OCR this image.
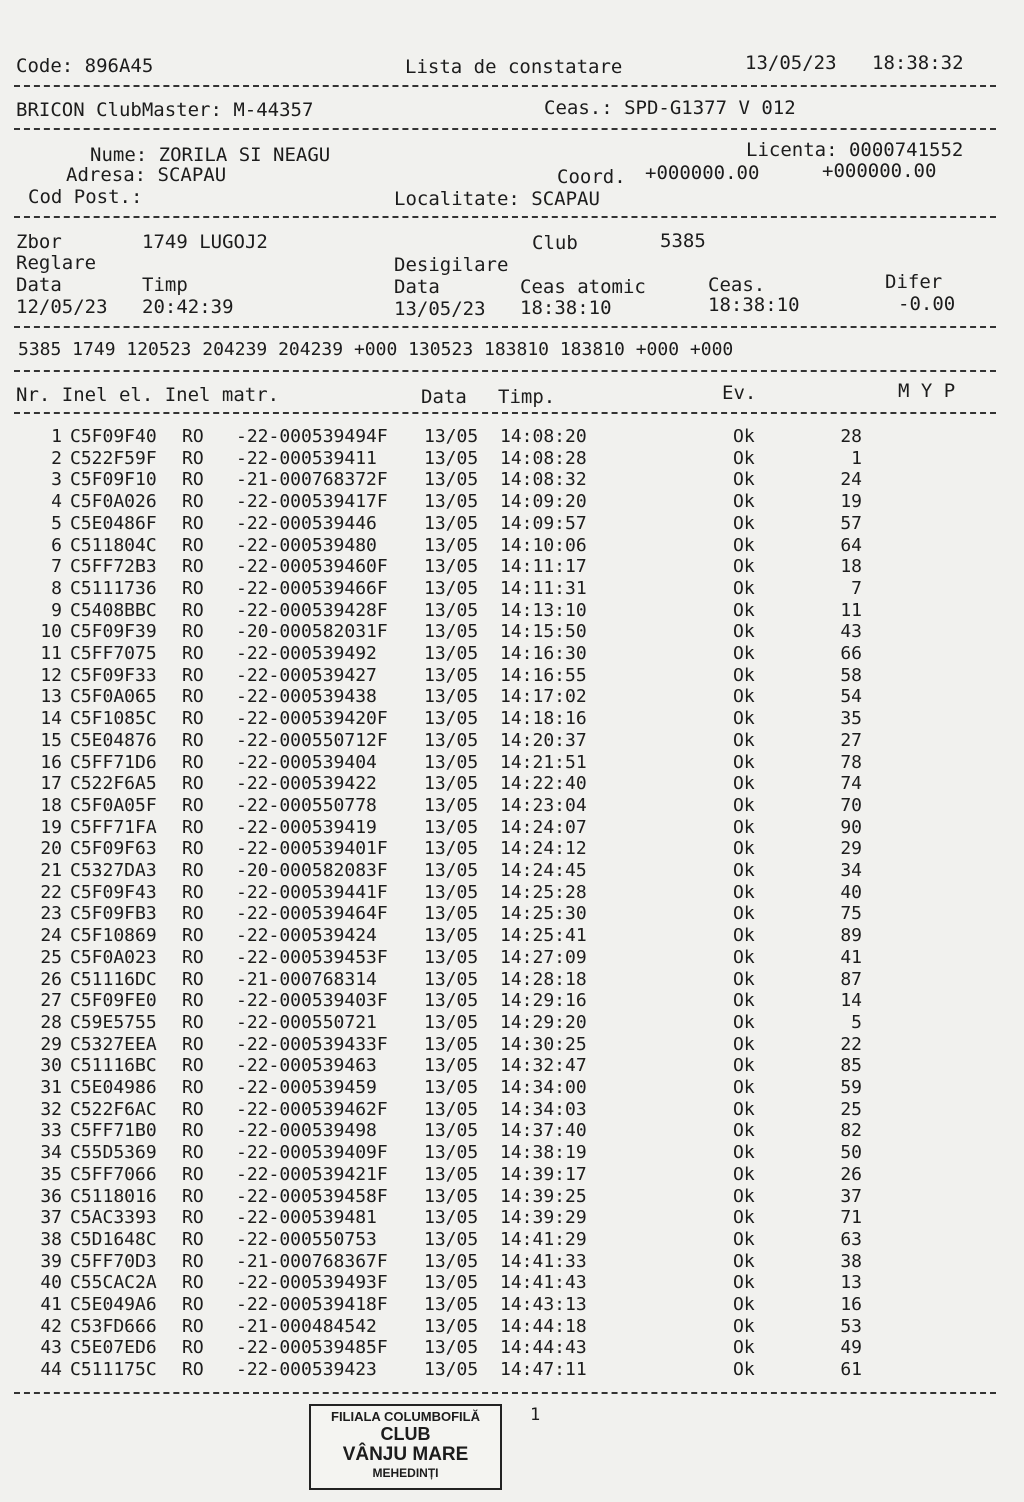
Code: 896A45	Lista de constatare	13/05/23 18:38:32
BRICON ClubMaster: M-44357	Ceas.: SPD-G1377 V 012
Nume: ZORILA SI NEAGU	Licenta: 0000741552
Adresa: SCAPAU	Coord. +000000.00	+000000.00
Cod Post.:	Localitate: SCAPAU
Zbor	1749 LUGOJ2	Club	5385
Reglare	Desigilare
Data	Timp	Data	Ceas atomic	Ceas.	Difer
12/05/23 20:42:39	13/05/23 18:38:10	18:38:10	-0.00
5385 1749 120523 204239 204239 +000 130523 183810 183810 +000 +000
Nr. Inel el. Inel matr.	Data Timp.	Ev.	M Y P
1 C5F09F40 RO -22-000539494F 13/05 14:08:20	Ok	28
2 C522F59F RO -22-000539411	13/05 14:08:28	Ok	1
3 C5F09F10 RO -21-000768372F 13/05 14:08:32	Ok	24
4 C5F0A026 RO -22-000539417F 13/05 14:09:20	Ok	19
5 C5E0486F RO -22-000539446	13/05 14:09:57	Ok	57
6 C511804C RO -22-000539480	13/05 14:10:06	Ok	64
7 C5FF72B3 RO -22-000539460F 13/05 14:11:17	Ok	18
8 C5111736 RO -22-000539466F 13/05 14:11:31	Ok	7
9 C5408BBC RO -22-000539428F 13/05 14:13:10	Ok	11
10 C5F09F39 RO -20-000582031F 13/05 14:15:50	Ok	43
11 C5FF7075 RO -22-000539492	13/05 14:16:30	Ok	66
12 C5F09F33 RO -22-000539427	13/05 14:16:55	Ok	58
13 C5F0A065 RO -22-000539438	13/05 14:17:02	Ok	54
14 C5F1085C RO -22-000539420F 13/05 14:18:16	Ok	35
15 C5E04876 RO -22-000550712F 13/05 14:20:37	Ok	27
16 C5FF71D6 RO -22-000539404	13/05 14:21:51	Ok	78
17 C522F6A5 RO -22-000539422	13/05 14:22:40	Ok	74
18 C5F0A05F RO -22-000550778	13/05 14:23:04	Ok	70
19 C5FF71FA RO -22-000539419	13/05 14:24:07	Ok	90
20 C5F09F63 RO -22-000539401F 13/05 14:24:12	Ok	29
21 C5327DA3 RO -20-000582083F 13/05 14:24:45	Ok	34
22 C5F09F43 RO -22-000539441F 13/05 14:25:28	Ok	40
23 C5F09FB3 RO -22-000539464F 13/05 14:25:30	Ok	75
24 C5F10869 RO -22-000539424	13/05 14:25:41	Ok	89
25 C5F0A023 RO -22-000539453F 13/05 14:27:09	Ok	41
26 C51116DC RO -21-000768314	13/05 14:28:18	Ok	87
27 C5F09FE0 RO -22-000539403F 13/05 14:29:16	Ok	14
28 C59E5755 RO -22-000550721	13/05 14:29:20	Ok	5
29 C5327EEA RO -22-000539433F 13/05 14:30:25	Ok	22
30 C51116BC RO -22-000539463	13/05 14:32:47	Ok	85
31 C5E04986 RO -22-000539459	13/05 14:34:00	Ok	59
32 C522F6AC RO -22-000539462F 13/05 14:34:03	Ok	25
33 C5FF71B0 RO -22-000539498	13/05 14:37:40	Ok	82
34 C55D5369 RO -22-000539409F 13/05 14:38:19	Ok	50
35 C5FF7066 RO -22-000539421F 13/05 14:39:17	Ok	26
36 C5118016 RO -22-000539458F 13/05 14:39:25	Ok	37
37 C5AC3393 RO -22-000539481	13/05 14:39:29	Ok	71
38 C5D1648C RO -22-000550753	13/05 14:41:29	Ok	63
39 C5FF70D3 RO -21-000768367F 13/05 14:41:33	Ok	38
40 C55CAC2A RO -22-000539493F 13/05 14:41:43	Ok	13
41 C5E049A6 RO -22-000539418F 13/05 14:43:13	Ok	16
42 C53FD666 RO -21-000484542	13/05 14:44:18	Ok	53
43 C5E07ED6 RO -22-000539485F 13/05 14:44:43	Ok	49
44 C511175C RO -22-000539423	13/05 14:47:11	Ok	61
1
FILIALA COLUMBOFILĂ
CLUB
VÂNJU MARE
MEHEDINȚI
